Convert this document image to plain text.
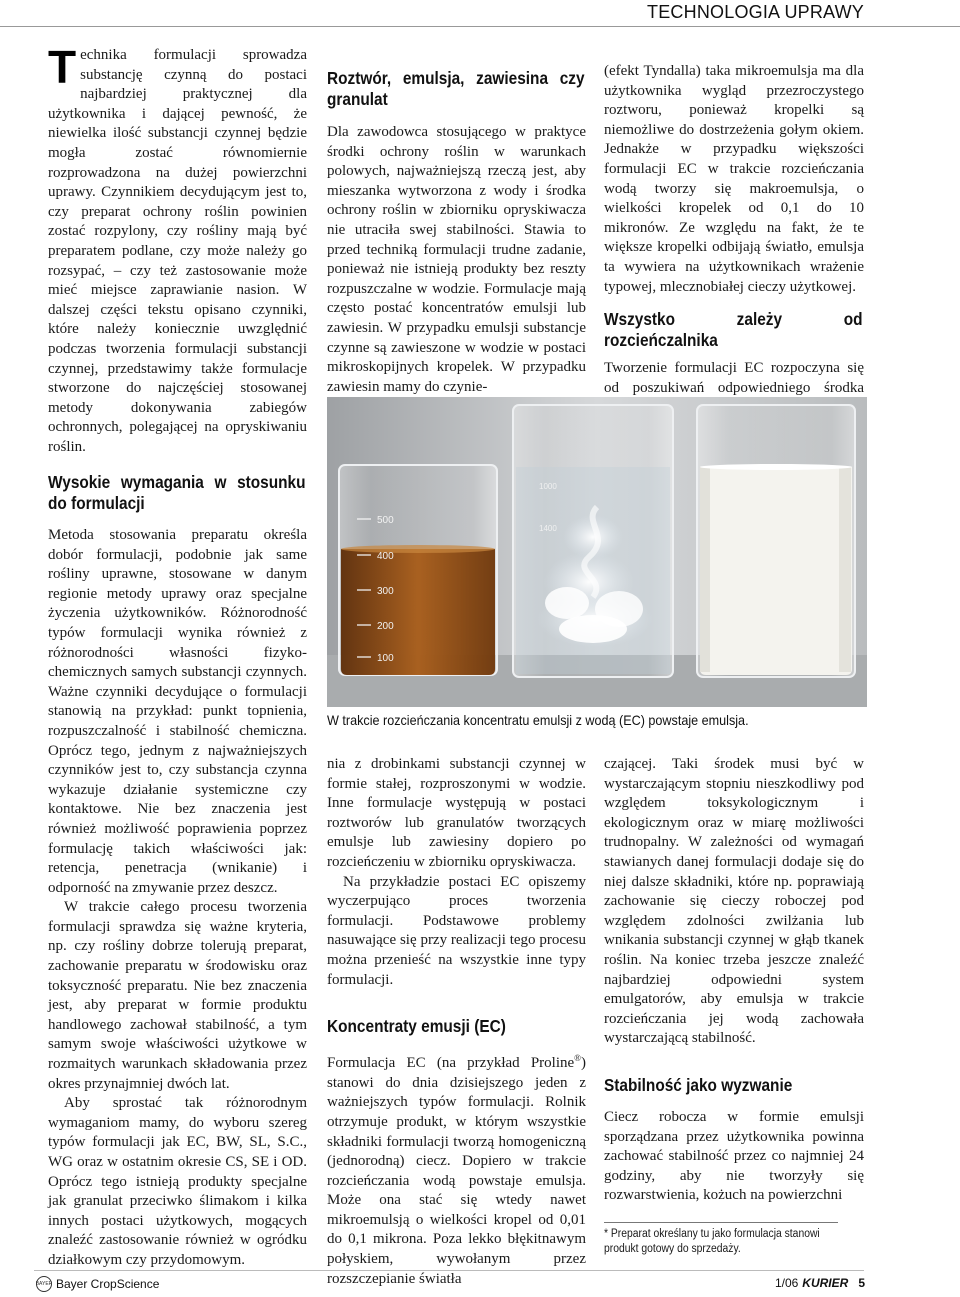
TECHNOLOGIA UPRAWY

Technika formulacji sprowadza substancję czynną do postaci najbardziej praktycznej dla użytkownika i dającej pewność, że niewielka ilość substancji czynnej będzie mogła zostać równomiernie rozprowadzona na dużej powierzchni uprawy. Czynnikiem decydującym jest to, czy preparat ochrony roślin powinien zostać rozpylony, czy rośliny mają być preparatem podlane, czy może należy go rozsypać, – czy też zastosowanie może mieć miejsce zaprawianie nasion. W dalszej części tekstu opisano czynniki, które należy koniecznie uwzględnić podczas tworzenia formulacji substancji czynnej, przedstawimy także formulacje stworzone do najczęściej stosowanej metody dokonywania zabiegów ochronnych, polegającej na opryskiwaniu roślin.

Wysokie wymagania w stosunku do formulacji

Metoda stosowania preparatu określa dobór formulacji, podobnie jak same rośliny uprawne, stosowane w danym regionie metody uprawy oraz specjalne życzenia użytkowników. Różnorodność typów formulacji wynika również z różnorodności własności fizyko-chemicznych samych substancji czynnych. Ważne czynniki decydujące o formulacji stanowią na przykład: punkt topnienia, rozpuszczalność i stabilność chemiczna. Oprócz tego, jednym z najważniejszych czynników jest to, czy substancja czynna wykazuje działanie systemiczne czy kontaktowe. Nie bez znaczenia jest również możliwość poprawienia poprzez formulację takich właściwości jak: retencja, penetracja (wnikanie) i odporność na zmywanie przez deszcz.

W trakcie całego procesu tworzenia formulacji sprawdza się ważne kryteria, np. czy rośliny dobrze tolerują preparat, zachowanie preparatu w środowisku oraz toksyczność preparatu. Nie bez znaczenia jest, aby preparat w formie produktu handlowego zachował stabilność, a tym samym swoje właściwości użytkowe w rozmaitych warunkach składowania przez okres przynajmniej dwóch lat.

Aby sprostać tak różnorodnym wymaganiom mamy, do wyboru szereg typów formulacji jak EC, BW, SL, S.C., WG oraz w ostatnim okresie CS, SE i OD. Oprócz tego istnieją produkty specjalne jak granulat przeciwko ślimakom i kilka innych postaci użytkowych, mogących znaleźć zastosowanie również w ogródku działkowym czy przydomowym.

Roztwór, emulsja, zawiesina czy granulat

Dla zawodowca stosującego w praktyce środki ochrony roślin w warunkach polowych, najważniejszą rzeczą jest, aby mieszanka wytworzona z wody i środka ochrony roślin w zbiorniku opryskiwacza nie utraciła swej stabilności. Stawia to przed techniką formulacji trudne zadanie, ponieważ nie istnieją produkty bez reszty rozpuszczalne w wodzie. Formulacje mają często postać koncentratów emulsji lub zawiesin. W przypadku emulsji substancje czynne są zawieszone w wodzie w postaci mikroskopijnych kropelek. W przypadku zawiesin mamy do czynie-

(efekt Tyndalla) taka mikroemulsja ma dla użytkownika wygląd przezroczystego roztworu, ponieważ kropelki są niemożliwe do dostrzeżenia gołym okiem. Jednakże w przypadku większości formulacji EC w trakcie rozcieńczania wodą tworzy się makroemulsja, o wielkości kropelek od 0,1 do 10 mikronów. Ze względu na fakt, że te większe kropelki odbijają światło, emulsja ta wywiera na użytkownikach wrażenie typowej, mlecznobiałej cieczy użytkowej.

Wszystko zależy od rozcieńczalnika

Tworzenie formulacji EC rozpoczyna się od poszukiwań odpowiedniego środka

500
400
300
200
100
1000
1400
W trakcie rozcieńczania koncentratu emulsji z wodą (EC) powstaje emulsja.

nia z drobinkami substancji czynnej w formie stałej, rozproszonymi w wodzie. Inne formulacje występują w postaci roztworów lub granulatów tworzących emulsje lub zawiesiny dopiero po rozcieńczeniu w zbiorniku opryskiwacza.

Na przykładzie postaci EC opiszemy wyczerpująco proces tworzenia formulacji. Podstawowe problemy nasuwające się przy realizacji tego procesu można przenieść na wszystkie inne typy formulacji.

Koncentraty emusji (EC)

Formulacja EC (na przykład Proline®) stanowi do dnia dzisiejszego jeden z ważniejszych typów formulacji. Rolnik otrzymuje produkt, w którym wszystkie składniki formulacji tworzą homogeniczną (jednorodną) ciecz. Dopiero w trakcie rozcieńczania wodą powstaje emulsja. Może ona stać się wtedy nawet mikroemulsją o wielkości kropel od 0,01 do 0,1 mikrona. Poza lekko błękitnawym połyskiem, wywołanym przez rozszczepianie światła

czającej. Taki środek musi być w wystarczającym stopniu nieszkodliwy pod względem toksykologicznym i ekologicznym oraz w miarę możliwości trudnopalny. W zależności od wymagań stawianych danej formulacji dodaje się do niej dalsze składniki, które np. poprawiają zachowanie się cieczy roboczej pod względem zdolności zwilżania lub wnikania substancji czynnej w głąb tkanek roślin. Na koniec trzeba jeszcze znaleźć najbardziej odpowiedni system emulgatorów, aby emulsja w trakcie rozcieńczania jej wodą zachowała wystarczającą stabilność.

Stabilność jako wyzwanie

Ciecz robocza w formie emulsji sporządzana przez użytkownika powinna zachować stabilność przez co najmniej 24 godziny, aby nie tworzyły się rozwarstwienia, kożuch na powierzchni

* Preparat określany tu jako formulacja stanowi produkt gotowy do sprzedaży.
BAYER Bayer CropScience	1/06 KURIER 5
